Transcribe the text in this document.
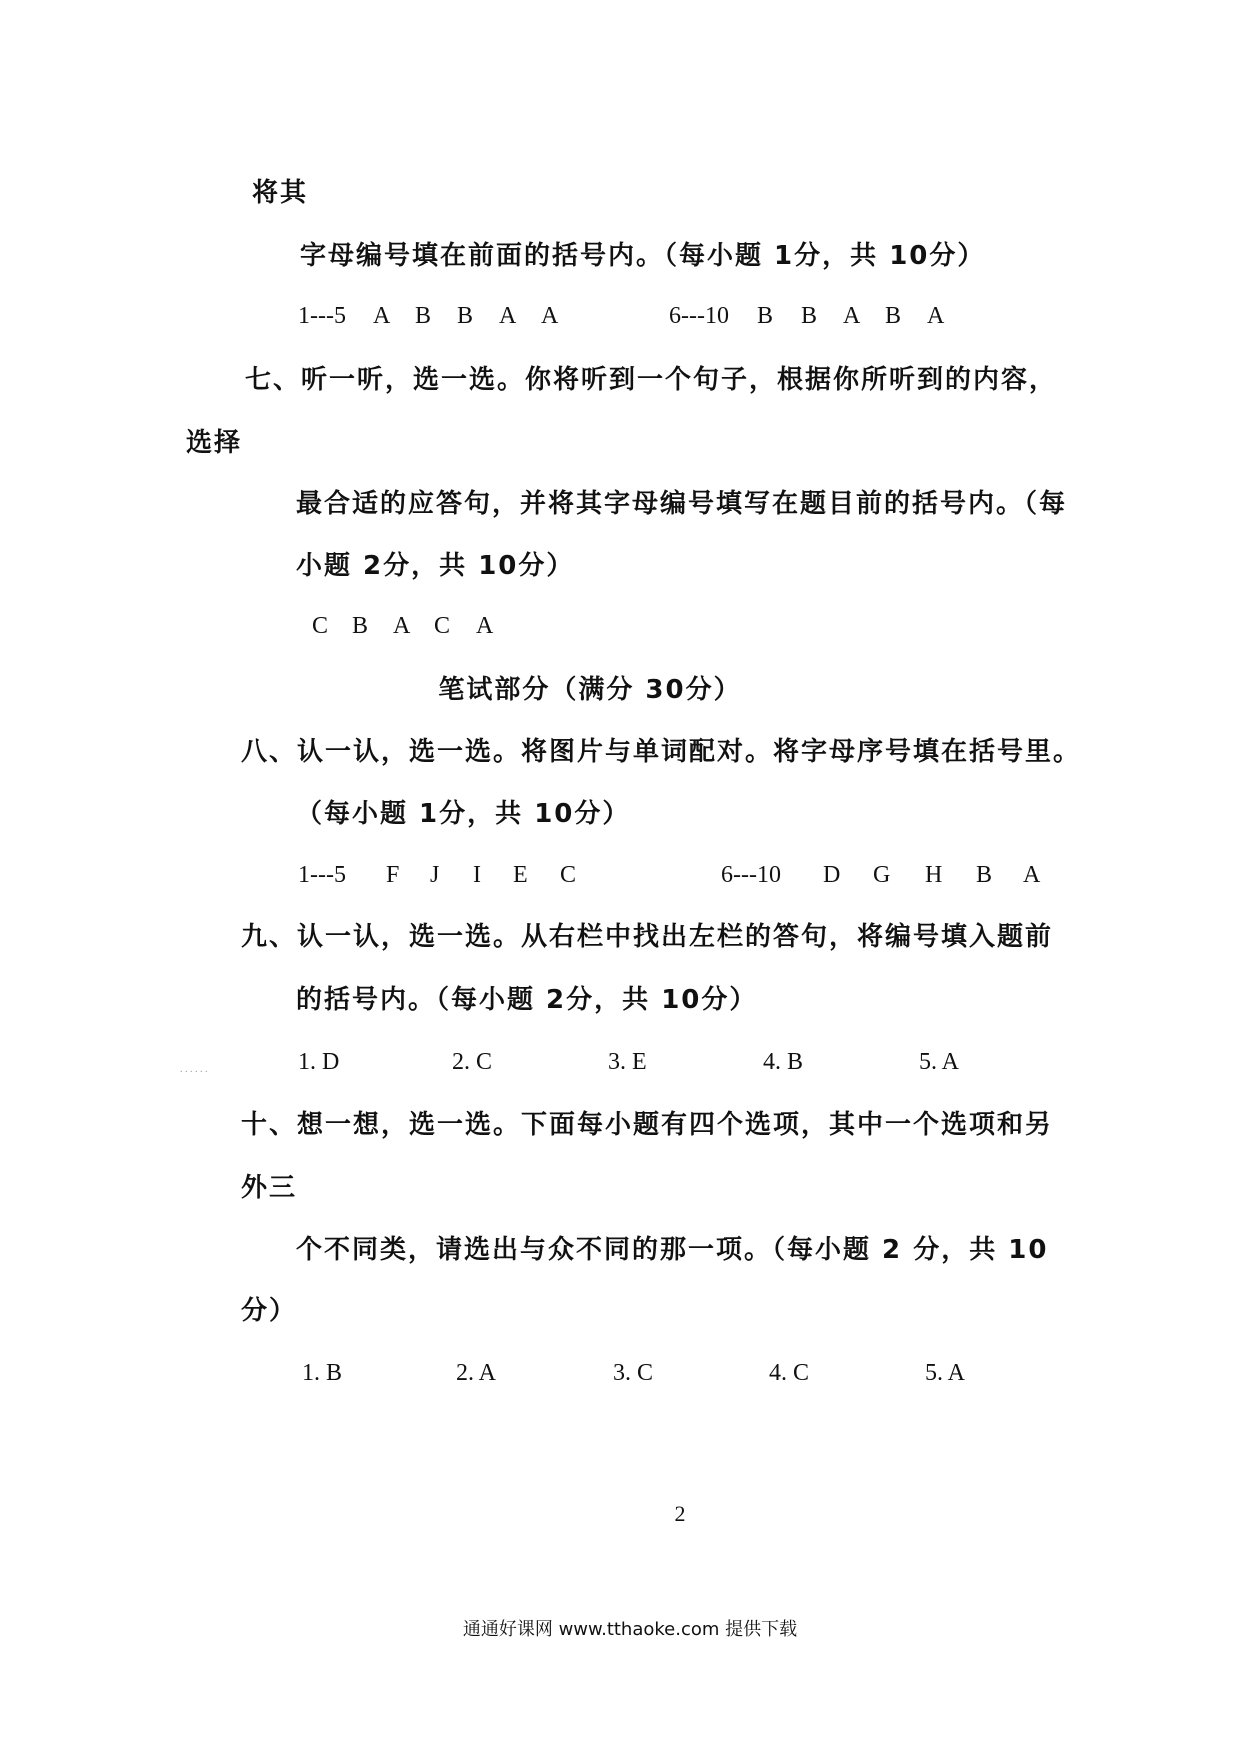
将其
字母编号填在前面的括号内。（每小题 1分，共 10分）
1---5 A B B A A	6---10 B B A B A
七、听一听，选一选。你将听到一个句子，根据你所听到的内容，
选择
最合适的应答句，并将其字母编号填写在题目前的括号内。（每
小题 2分，共 10分）
C B A C A
笔试部分（满分 30分）
八、认一认，选一选。将图片与单词配对。将字母序号填在括号里。
（每小题 1分，共 10分）
1---5 F J I E C	6---10 D G H B A
九、认一认，选一选。从右栏中找出左栏的答句，将编号填入题前
的括号内。（每小题 2分，共 10分）
. . . . . .	1. D	2. C	3. E	4. B	5. A
十、想一想，选一选。下面每小题有四个选项，其中一个选项和另
外三
个不同类，请选出与众不同的那一项。（每小题 2 分，共 10
分）
1. B	2. A	3. C	4. C	5. A
2
通通好课网 www.tthaoke.com 提供下载
